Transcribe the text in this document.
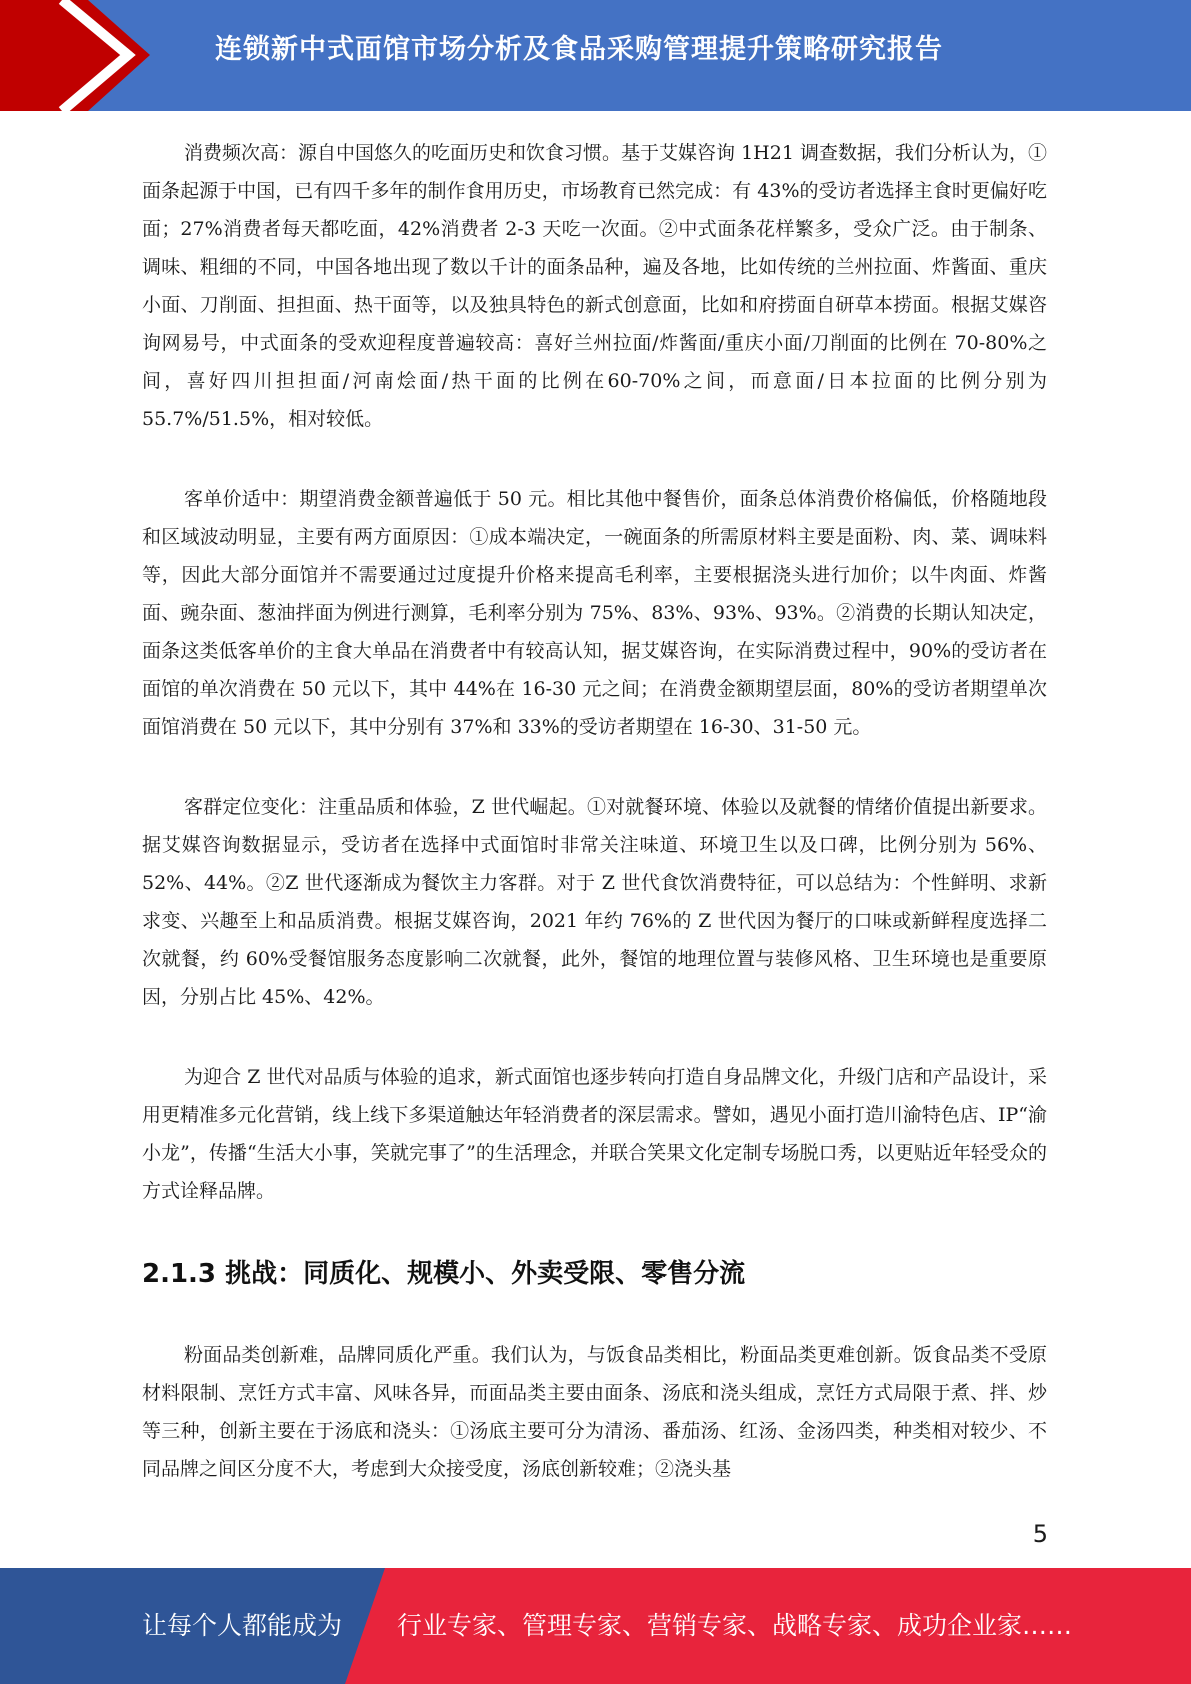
连锁新中式面馆市场分析及食品采购管理提升策略研究报告

消费频次高：源自中国悠久的吃面历史和饮食习惯。基于艾媒咨询 1H21 调查数据，我们分析认为，①面条起源于中国，已有四千多年的制作食用历史，市场教育已然完成：有 43%的受访者选择主食时更偏好吃面；27%消费者每天都吃面，42%消费者 2-3 天吃一次面。②中式面条花样繁多，受众广泛。由于制条、调味、粗细的不同，中国各地出现了数以千计的面条品种，遍及各地，比如传统的兰州拉面、炸酱面、重庆小面、刀削面、担担面、热干面等，以及独具特色的新式创意面，比如和府捞面自研草本捞面。根据艾媒咨询网易号，中式面条的受欢迎程度普遍较高：喜好兰州拉面/炸酱面/重庆小面/刀削面的比例在 70-80%之间，喜好四川担担面/河南烩面/热干面的比例在60-70%之间，而意面/日本拉面的比例分别为 55.7%/51.5%，相对较低。

客单价适中：期望消费金额普遍低于 50 元。相比其他中餐售价，面条总体消费价格偏低，价格随地段和区域波动明显，主要有两方面原因：①成本端决定，一碗面条的所需原材料主要是面粉、肉、菜、调味料等，因此大部分面馆并不需要通过过度提升价格来提高毛利率，主要根据浇头进行加价；以牛肉面、炸酱面、豌杂面、葱油拌面为例进行测算，毛利率分别为 75%、83%、93%、93%。②消费的长期认知决定，面条这类低客单价的主食大单品在消费者中有较高认知，据艾媒咨询，在实际消费过程中，90%的受访者在面馆的单次消费在 50 元以下，其中 44%在 16-30 元之间；在消费金额期望层面，80%的受访者期望单次面馆消费在 50 元以下，其中分别有 37%和 33%的受访者期望在 16-30、31-50 元。

客群定位变化：注重品质和体验，Z 世代崛起。①对就餐环境、体验以及就餐的情绪价值提出新要求。据艾媒咨询数据显示，受访者在选择中式面馆时非常关注味道、环境卫生以及口碑，比例分别为 56%、52%、44%。②Z 世代逐渐成为餐饮主力客群。对于 Z 世代食饮消费特征，可以总结为：个性鲜明、求新求变、兴趣至上和品质消费。根据艾媒咨询，2021 年约 76%的 Z 世代因为餐厅的口味或新鲜程度选择二次就餐，约 60%受餐馆服务态度影响二次就餐，此外，餐馆的地理位置与装修风格、卫生环境也是重要原因，分别占比 45%、42%。

为迎合 Z 世代对品质与体验的追求，新式面馆也逐步转向打造自身品牌文化，升级门店和产品设计，采用更精准多元化营销，线上线下多渠道触达年轻消费者的深层需求。譬如，遇见小面打造川渝特色店、IP“渝小龙”，传播“生活大小事，笑就完事了”的生活理念，并联合笑果文化定制专场脱口秀，以更贴近年轻受众的方式诠释品牌。

2.1.3 挑战：同质化、规模小、外卖受限、零售分流

粉面品类创新难，品牌同质化严重。我们认为，与饭食品类相比，粉面品类更难创新。饭食品类不受原材料限制、烹饪方式丰富、风味各异，而面品类主要由面条、汤底和浇头组成，烹饪方式局限于煮、拌、炒等三种，创新主要在于汤底和浇头：①汤底主要可分为清汤、番茄汤、红汤、金汤四类，种类相对较少、不同品牌之间区分度不大，考虑到大众接受度，汤底创新较难；②浇头基

5
让每个人都能成为 行业专家、管理专家、营销专家、战略专家、成功企业家……
